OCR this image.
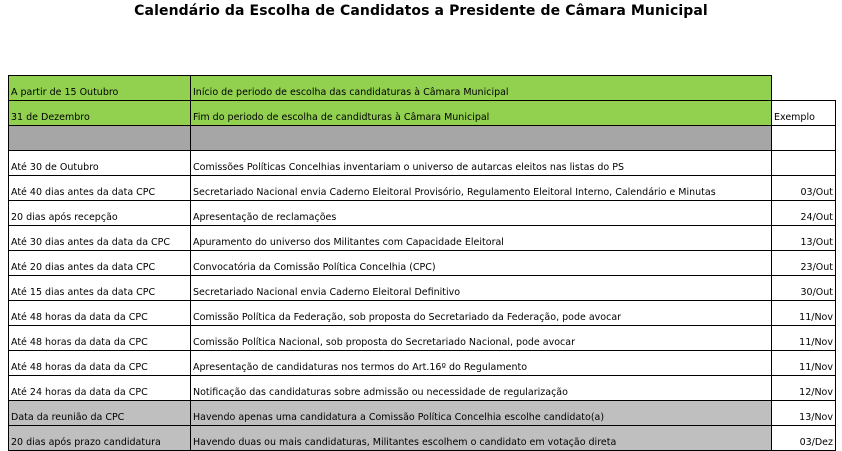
Calendário da Escolha de Candidatos a Presidente de Câmara Municipal
A partir de 15 Outubro	Início de periodo de escolha das candidaturas à Câmara Municipal	
31 de Dezembro	Fim do periodo de escolha de candidturas à Câmara Municipal	Exemplo

Até 30 de Outubro	Comissões Políticas Concelhias inventariam o universo de autarcas eleitos nas listas do PS	
Até 40 dias antes da data CPC	Secretariado Nacional envia Caderno Eleitoral Provisório, Regulamento Eleitoral Interno, Calendário e Minutas	03/Out
20 dias após recepção	Apresentação de reclamações	24/Out
Até 30 dias antes da data da CPC	Apuramento do universo dos Militantes com Capacidade Eleitoral	13/Out
Até 20 dias antes da data CPC	Convocatória da Comissão Política Concelhia (CPC)	23/Out
Até 15 dias antes da data CPC	Secretariado Nacional envia Caderno Eleitoral Definitivo	30/Out
Até 48 horas da data da CPC	Comissão Política da Federação, sob proposta do Secretariado da Federação, pode avocar	11/Nov
Até 48 horas da data da CPC	Comissão Política Nacional, sob proposta do Secretariado Nacional, pode avocar	11/Nov
Até 48 horas da data da CPC	Apresentação de candidaturas nos termos do Art.16º do Regulamento	11/Nov
Até 24 horas da data da CPC	Notificação das candidaturas sobre admissão ou necessidade de regularização	12/Nov
Data da reunião da CPC	Havendo apenas uma candidatura a Comissão Política Concelhia escolhe candidato(a)	13/Nov
20 dias após prazo candidatura	Havendo duas ou mais candidaturas, Militantes escolhem o candidato em votação direta	03/Dez
